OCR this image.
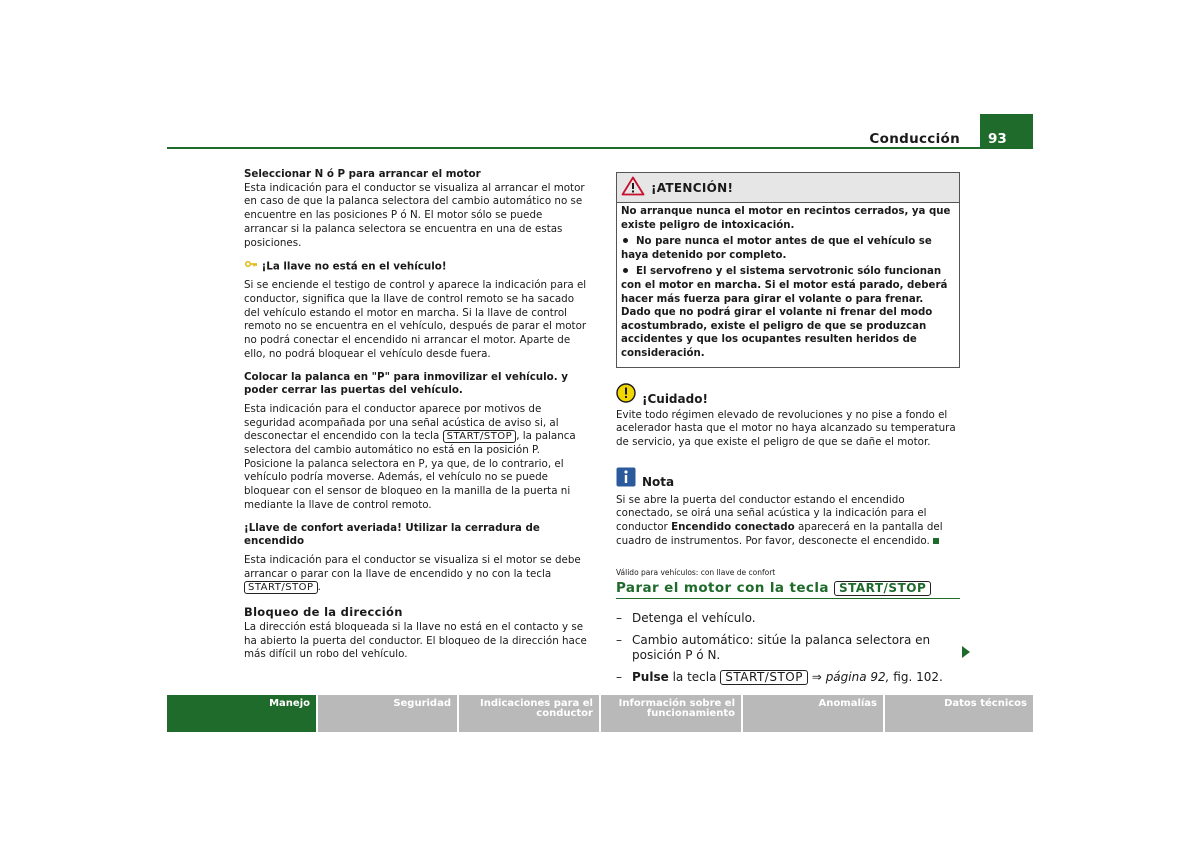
Conducción 93

Seleccionar N ó P para arrancar el motor

Esta indicación para el conductor se visualiza al arrancar el motor en caso de que la palanca selectora del cambio automático no se encuentre en las posiciones P ó N. El motor sólo se puede arrancar si la palanca selectora se encuentra en una de estas posiciones.

¡La llave no está en el vehículo!

Si se enciende el testigo de control y aparece la indicación para el conductor, significa que la llave de control remoto se ha sacado del vehículo estando el motor en marcha. Si la llave de control remoto no se encuentra en el vehículo, después de parar el motor no podrá conectar el encendido ni arrancar el motor. Aparte de ello, no podrá bloquear el vehículo desde fuera.

Colocar la palanca en "P" para inmovilizar el vehículo. y poder cerrar las puertas del vehículo.

Esta indicación para el conductor aparece por motivos de seguridad acompañada por una señal acústica de aviso si, al desconectar el encendido con la tecla START/STOP , la palanca selectora del cambio automático no está en la posición P. Posicione la palanca selectora en P, ya que, de lo contrario, el vehículo podría moverse. Además, el vehículo no se puede bloquear con el sensor de bloqueo en la manilla de la puerta ni mediante la llave de control remoto.

¡Llave de confort averiada! Utilizar la cerradura de encendido

Esta indicación para el conductor se visualiza si el motor se debe arrancar o parar con la llave de encendido y no con la tecla START/STOP .

Bloqueo de la dirección

La dirección está bloqueada si la llave no está en el contacto y se ha abierto la puerta del conductor. El bloqueo de la dirección hace más difícil un robo del vehículo.

¡ATENCIÓN!

No arranque nunca el motor en recintos cerrados, ya que existe peligro de intoxicación.

No pare nunca el motor antes de que el vehículo se haya detenido por completo.

El servofreno y el sistema servotronic sólo funcionan con el motor en marcha. Si el motor está parado, deberá hacer más fuerza para girar el volante o para frenar. Dado que no podrá girar el volante ni frenar del modo acostumbrado, existe el peligro de que se produzcan accidentes y que los ocupantes resulten heridos de consideración.

¡Cuidado!

Evite todo régimen elevado de revoluciones y no pise a fondo el acelerador hasta que el motor no haya alcanzado su temperatura de servicio, ya que existe el peligro de que se dañe el motor.

Nota

Si se abre la puerta del conductor estando el encendido conectado, se oirá una señal acústica y la indicación para el conductor Encendido conectado aparecerá en la pantalla del cuadro de instrumentos. Por favor, desconecte el encendido.

Válido para vehículos: con llave de confort

Parar el motor con la tecla START/STOP
– Detenga el vehículo.
– Cambio automático: sitúe la palanca selectora en posición P ó N.
– Pulse la tecla START/STOP ⇒ página 92, fig. 102.
Manejo	Seguridad	Indicaciones para el conductor
Información sobre el funcionamiento
Anomalías	Datos técnicos
